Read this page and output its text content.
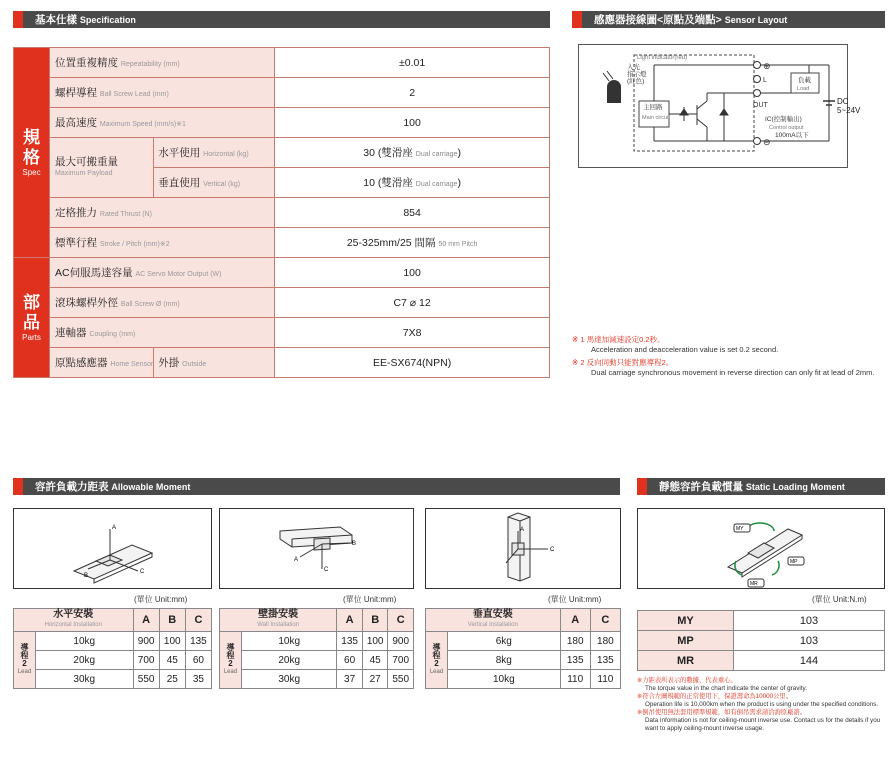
基本仕樣 Specification	感應器接線圖<原點及端點> Sensor Layout
規
格
Spec	位置重複精度 Repeatability (mm)		±0.01
	螺桿導程 Ball Screw Lead (mm)		2
	最高速度 Maximum Speed (mm/s)※1		100
	最大可搬重量
Maximum Payload	水平使用 Horizontal (kg)	30 (雙滑座 Dual carriage)
		垂直使用 Vertical (kg)	10 (雙滑座 Dual carriage)
	定格推力 Rated Thrust (N)		854
	標準行程 Stroke / Pitch (mm)※2		25-325mm/25 間隔 50 mm Pitch
部
品
Parts	AC伺服馬達容量 AC Servo Motor Output (W)		100
	滾珠螺桿外徑 Ball Screw Ø (mm)		C7 ⌀ 12
	連軸器 Coupling (mm)		7X8
	原點感應器 Home Sensor	外掛 Outside	EE-SX674(NPN)
Light indicator(red)
入光指示燈(紅色)
主回路
Main circuit
⊕
L
⊖
OUT
負載
Load
IC(控制輸出)
Control output
100mA以下
DC
5~24V
※ 1 馬達加減速設定0.2秒。
Acceleration and deacceleration value is set 0.2 second.
※ 2 反向同動只能對應導程2。
Dual carriage synchronous movement in reverse direction can only fit at lead of 2mm.
容許負載力距表 Allowable Moment	靜態容許負載慣量 Static Loading Moment
A
C
B
A
B
C
A
C
MY
MP
MR
(單位 Unit:mm)	(單位 Unit:mm)	(單位 Unit:mm)	(單位 Unit:N.m)
水平安裝
Horizontal Installation		A	B	C
導
程
2
Lead	10kg	900	100	135
	20kg	700	45	60
	30kg	550	25	35
壁掛安裝
Wall Installation		A	B	C
導
程
2
Lead	10kg	135	100	900
	20kg	60	45	700
	30kg	37	27	550
垂直安裝
Vertical Installation		A	C
導
程
2
Lead	6kg	180	180
	8kg	135	135
	10kg	110	110
MY	103
MP	103
MR	144
※力距表所表示的數據，代表重心。
The torque value in the chart indicate the center of gravity.
※符合左圖規範的正常使用下，保證壽命為10000公里。
Operation life is 10,000km when the product is using under the specified conditions.
※倒吊使用無法套用標準規範，如有倒吊需求請洽詢原廠諮。
Data information is not for ceiling-mount inverse use. Contact us for the details if you want to apply ceiling-mount inverse usage.
